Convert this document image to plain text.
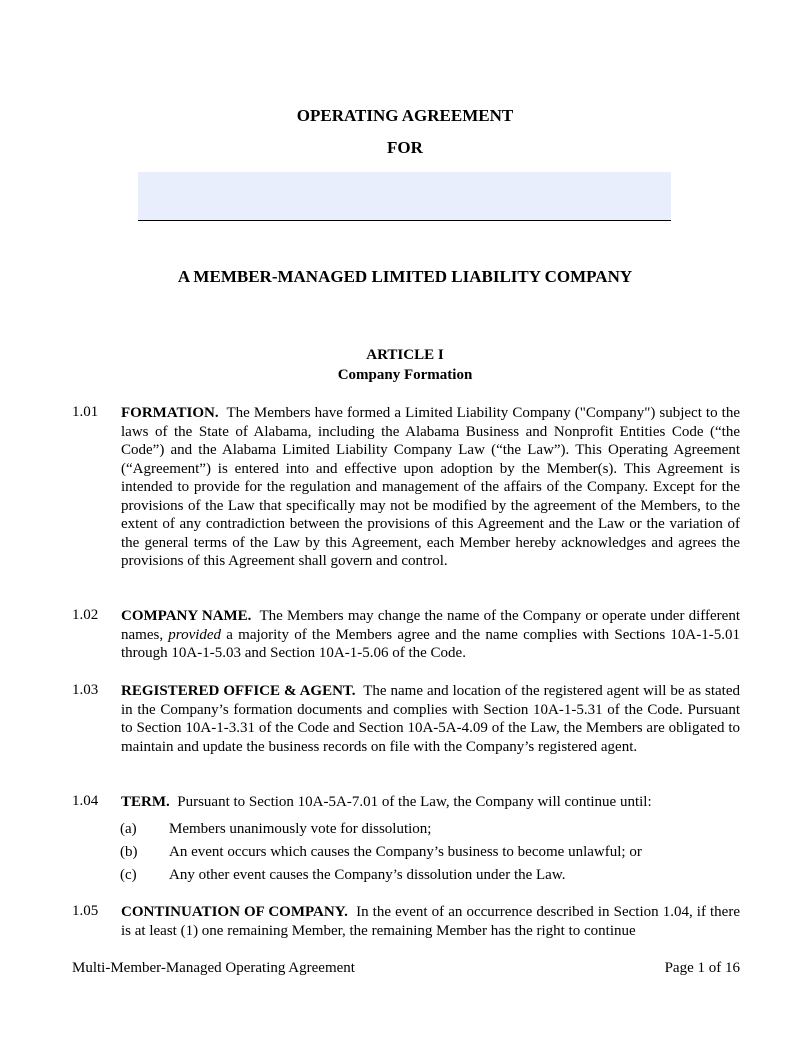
OPERATING AGREEMENT
FOR
A MEMBER-MANAGED LIMITED LIABILITY COMPANY
ARTICLE I
Company Formation
1.01 FORMATION. The Members have formed a Limited Liability Company ("Company") subject to the laws of the State of Alabama, including the Alabama Business and Nonprofit Entities Code (“the Code”) and the Alabama Limited Liability Company Law (“the Law”). This Operating Agreement (“Agreement”) is entered into and effective upon adoption by the Member(s). This Agreement is intended to provide for the regulation and management of the affairs of the Company. Except for the provisions of the Law that specifically may not be modified by the agreement of the Members, to the extent of any contradiction between the provisions of this Agreement and the Law or the variation of the general terms of the Law by this Agreement, each Member hereby acknowledges and agrees the provisions of this Agreement shall govern and control.
1.02 COMPANY NAME. The Members may change the name of the Company or operate under different names, provided a majority of the Members agree and the name complies with Sections 10A-1-5.01 through 10A-1-5.03 and Section 10A-1-5.06 of the Code.
1.03 REGISTERED OFFICE & AGENT. The name and location of the registered agent will be as stated in the Company’s formation documents and complies with Section 10A-1-5.31 of the Code. Pursuant to Section 10A-1-3.31 of the Code and Section 10A-5A-4.09 of the Law, the Members are obligated to maintain and update the business records on file with the Company’s registered agent.
1.04 TERM. Pursuant to Section 10A-5A-7.01 of the Law, the Company will continue until:
(a) Members unanimously vote for dissolution;
(b) An event occurs which causes the Company’s business to become unlawful; or
(c) Any other event causes the Company’s dissolution under the Law.
1.05 CONTINUATION OF COMPANY. In the event of an occurrence described in Section 1.04, if there is at least (1) one remaining Member, the remaining Member has the right to continue
Multi-Member-Managed Operating Agreement	Page 1 of 16
